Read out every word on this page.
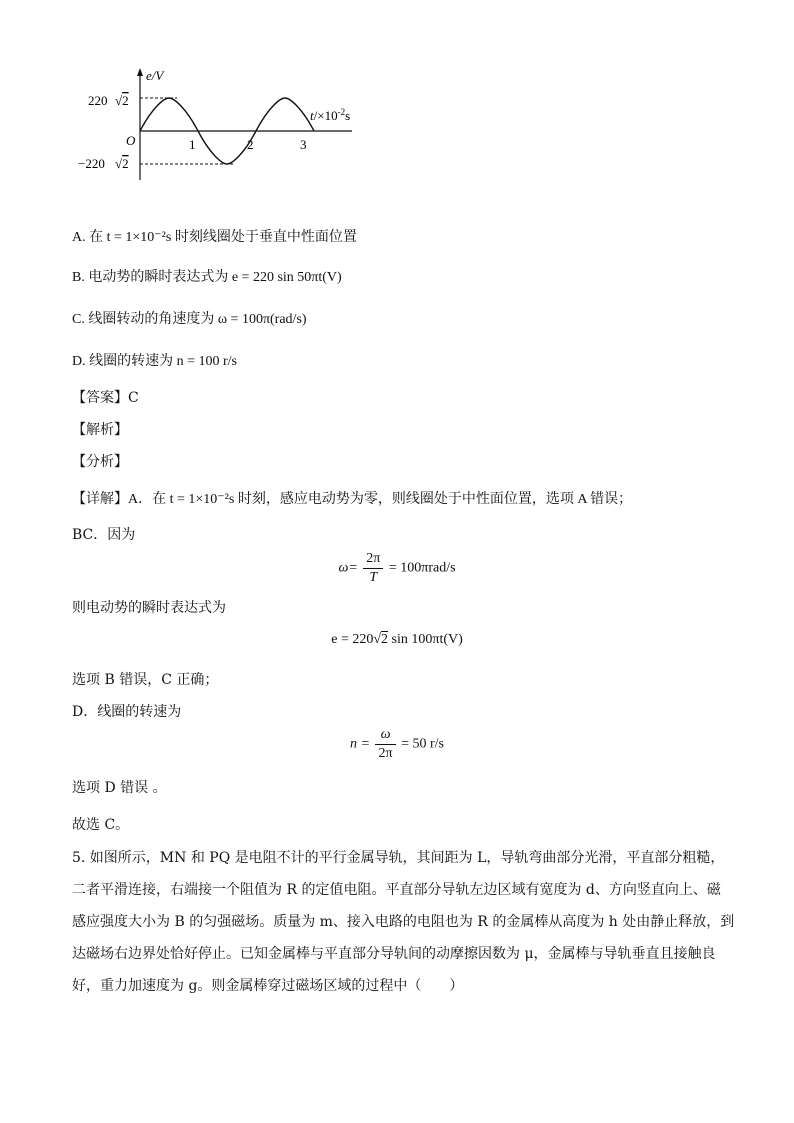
e/V
220 √2
O
−220 √2
$t/\times 10^{-2}s$
1	2	3
A. 在 t = 1×10⁻²s 时刻线圈处于垂直中性面位置
B. 电动势的瞬时表达式为 e = 220 sin 50πt(V)
C. 线圈转动的角速度为 ω = 100π(rad/s)
D. 线圈的转速为 n = 100 r/s
【答案】C
【解析】
【分析】
【详解】A．在 t = 1×10⁻²s 时刻，感应电动势为零，则线圈处于中性面位置，选项 A 错误；
BC．因为
$\omega= \frac{2\pi}{T} = 100\pi rad/s$
则电动势的瞬时表达式为
e = 220√2 sin 100πt(V)
选项 B 错误，C 正确；
D．线圈的转速为
$n = \frac{\omega}{2\pi} = 50$ r/s
选项 D 错误 。
故选 C。
5. 如图所示，MN 和 PQ 是电阻不计的平行金属导轨，其间距为 L，导轨弯曲部分光滑，平直部分粗糙，
二者平滑连接，右端接一个阻值为 R 的定值电阻。平直部分导轨左边区域有宽度为 d、方向竖直向上、磁
感应强度大小为 B 的匀强磁场。质量为 m、接入电路的电阻也为 R 的金属棒从高度为 h 处由静止释放，到
达磁场右边界处恰好停止。已知金属棒与平直部分导轨间的动摩擦因数为 μ，金属棒与导轨垂直且接触良
好，重力加速度为 g。则金属棒穿过磁场区域的过程中（　　）
